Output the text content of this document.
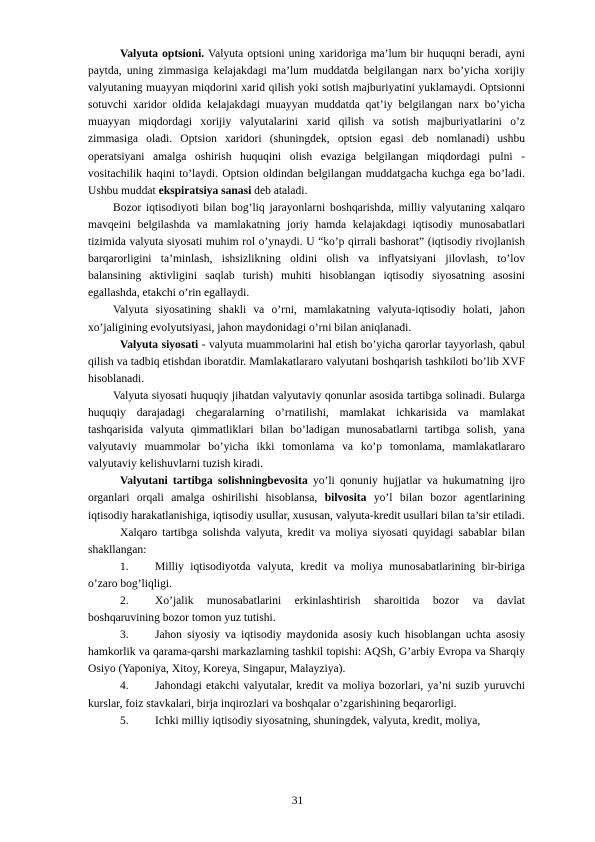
Valyuta optsioni. Valyuta optsioni uning xaridoriga ma’lum bir huquqni beradi, ayni paytda, uning zimmasiga kelajakdagi ma’lum muddatda belgilangan narx bo’yicha xorijiy valyutaning muayyan miqdorini xarid qilish yoki sotish majburiyatini yuklamaydi. Optsionni sotuvchi xaridor oldida kelajakdagi muayyan muddatda qat’iy belgilangan narx bo’yicha muayyan miqdordagi xorijiy valyutalarini xarid qilish va sotish majburiyatlarini o’z zimmasiga oladi. Optsion xaridori (shuningdek, optsion egasi deb nomlanadi) ushbu operatsiyani amalga oshirish huquqini olish evaziga belgilangan miqdordagi pulni - vositachilik haqini to’laydi. Optsion oldindan belgilangan muddatgacha kuchga ega bo’ladi. Ushbu muddat ekspiratsiya sanasi deb ataladi.

Bozor iqtisodiyoti bilan bog’liq jarayonlarni boshqarishda, milliy valyutaning xalqaro mavqeini belgilashda va mamlakatning joriy hamda kelajakdagi iqtisodiy munosabatlari tizimida valyuta siyosati muhim rol o’ynaydi. U “ko’p qirrali bashorat” (iqtisodiy rivojlanish barqarorligini ta’minlash, ishsizlikning oldini olish va inflyatsiyani jilovlash, to’lov balansining aktivligini saqlab turish) muhiti hisoblangan iqtisodiy siyosatning asosini egallashda, etakchi o’rin egallaydi.

Valyuta siyosatining shakli va o’rni, mamlakatning valyuta-iqtisodiy holati, jahon xo’jaligining evolyutsiyasi, jahon maydonidagi o’rni bilan aniqlanadi.

Valyuta siyosati - valyuta muammolarini hal etish bo’yicha qarorlar tayyorlash, qabul qilish va tadbiq etishdan iboratdir. Mamlakatlararo valyutani boshqarish tashkiloti bo’lib XVF hisoblanadi.

Valyuta siyosati huquqiy jihatdan valyutaviy qonunlar asosida tartibga solinadi. Bularga huquqiy darajadagi chegaralarning o’rnatilishi, mamlakat ichkarisida va mamlakat tashqarisida valyuta qimmatliklari bilan bo’ladigan munosabatlarni tartibga solish, yana valyutaviy muammolar bo’yicha ikki tomonlama va ko’p tomonlama, mamlakatlararo valyutaviy kelishuvlarni tuzish kiradi.

Valyutani tartibga solishningbevosita yo’li qonuniy hujjatlar va hukumatning ijro organlari orqali amalga oshirilishi hisoblansa, bilvosita yo’l bilan bozor agentlarining iqtisodiy harakatlanishiga, iqtisodiy usullar, xususan, valyuta-kredit usullari bilan ta’sir etiladi.

Xalqaro tartibga solishda valyuta, kredit va moliya siyosati quyidagi sabablar bilan shakllangan:

1. Milliy iqtisodiyotda valyuta, kredit va moliya munosabatlarining bir-biriga o’zaro bog’liqligi.

2. Xo’jalik munosabatlarini erkinlashtirish sharoitida bozor va davlat boshqaruvining bozor tomon yuz tutishi.

3. Jahon siyosiy va iqtisodiy maydonida asosiy kuch hisoblangan uchta asosiy hamkorlik va qarama-qarshi markazlarning tashkil topishi: AQSh, G’arbiy Evropa va Sharqiy Osiyo (Yaponiya, Xitoy, Koreya, Singapur, Malayziya).

4. Jahondagi etakchi valyutalar, kredit va moliya bozorlari, ya’ni suzib yuruvchi kurslar, foiz stavkalari, birja inqirozlari va boshqalar o’zgarishining beqarorligi.

5. Ichki milliy iqtisodiy siyosatning, shuningdek, valyuta, kredit, moliya,

31
